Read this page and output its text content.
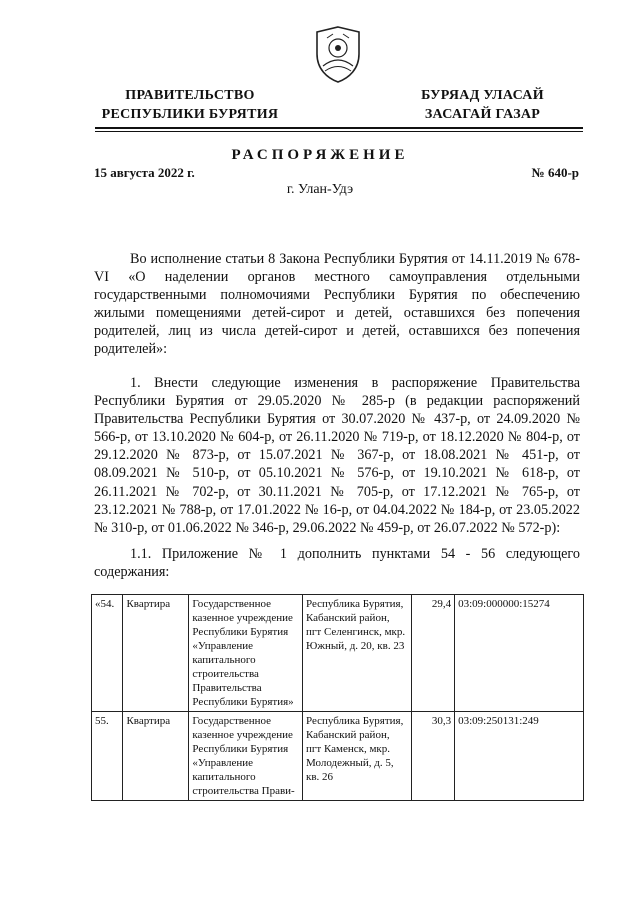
ПРАВИТЕЛЬСТВО
РЕСПУБЛИКИ БУРЯТИЯ
БУРЯАД УЛАСАЙ
ЗАСАГАЙ ГАЗАР
РАСПОРЯЖЕНИЕ
15 августа 2022 г.	№ 640-р
г. Улан-Удэ
Во исполнение статьи 8 Закона Республики Бурятия от 14.11.2019 № 678-VI «О наделении органов местного самоуправления отдельными государственными полномочиями Республики Бурятия по обеспечению жилыми помещениями детей-сирот и детей, оставшихся без попечения родителей, лиц из числа детей-сирот и детей, оставшихся без попечения родителей»:
1. Внести следующие изменения в распоряжение Правительства Республики Бурятия от 29.05.2020 № 285-р (в редакции распоряжений Правительства Республики Бурятия от 30.07.2020 № 437-р, от 24.09.2020 № 566-р, от 13.10.2020 № 604-р, от 26.11.2020 № 719-р, от 18.12.2020 № 804-р, от 29.12.2020 № 873-р, от 15.07.2021 № 367-р, от 18.08.2021 № 451-р, от 08.09.2021 № 510-р, от 05.10.2021 № 576-р, от 19.10.2021 № 618-р, от 26.11.2021 № 702-р, от 30.11.2021 № 705-р, от 17.12.2021 № 765-р, от 23.12.2021 № 788-р, от 17.01.2022 № 16-р, от 04.04.2022 № 184-р, от 23.05.2022 № 310-р, от 01.06.2022 № 346-р, 29.06.2022 № 459-р, от 26.07.2022 № 572-р):
1.1. Приложение № 1 дополнить пунктами 54 - 56 следующего содержания:
«54.	Квартира	Государственное казенное учреждение Республики Бурятия «Управление капитального строительства Правительства Республики Бурятия»	Республика Бурятия, Кабанский район, пгт Селенгинск, мкр. Южный, д. 20, кв. 23	29,4	03:09:000000:15274
55.	Квартира	Государственное казенное учреждение Республики Бурятия «Управление капитального строительства Прави-	Республика Бурятия, Кабанский район, пгт Каменск, мкр. Молодежный, д. 5, кв. 26	30,3	03:09:250131:249
